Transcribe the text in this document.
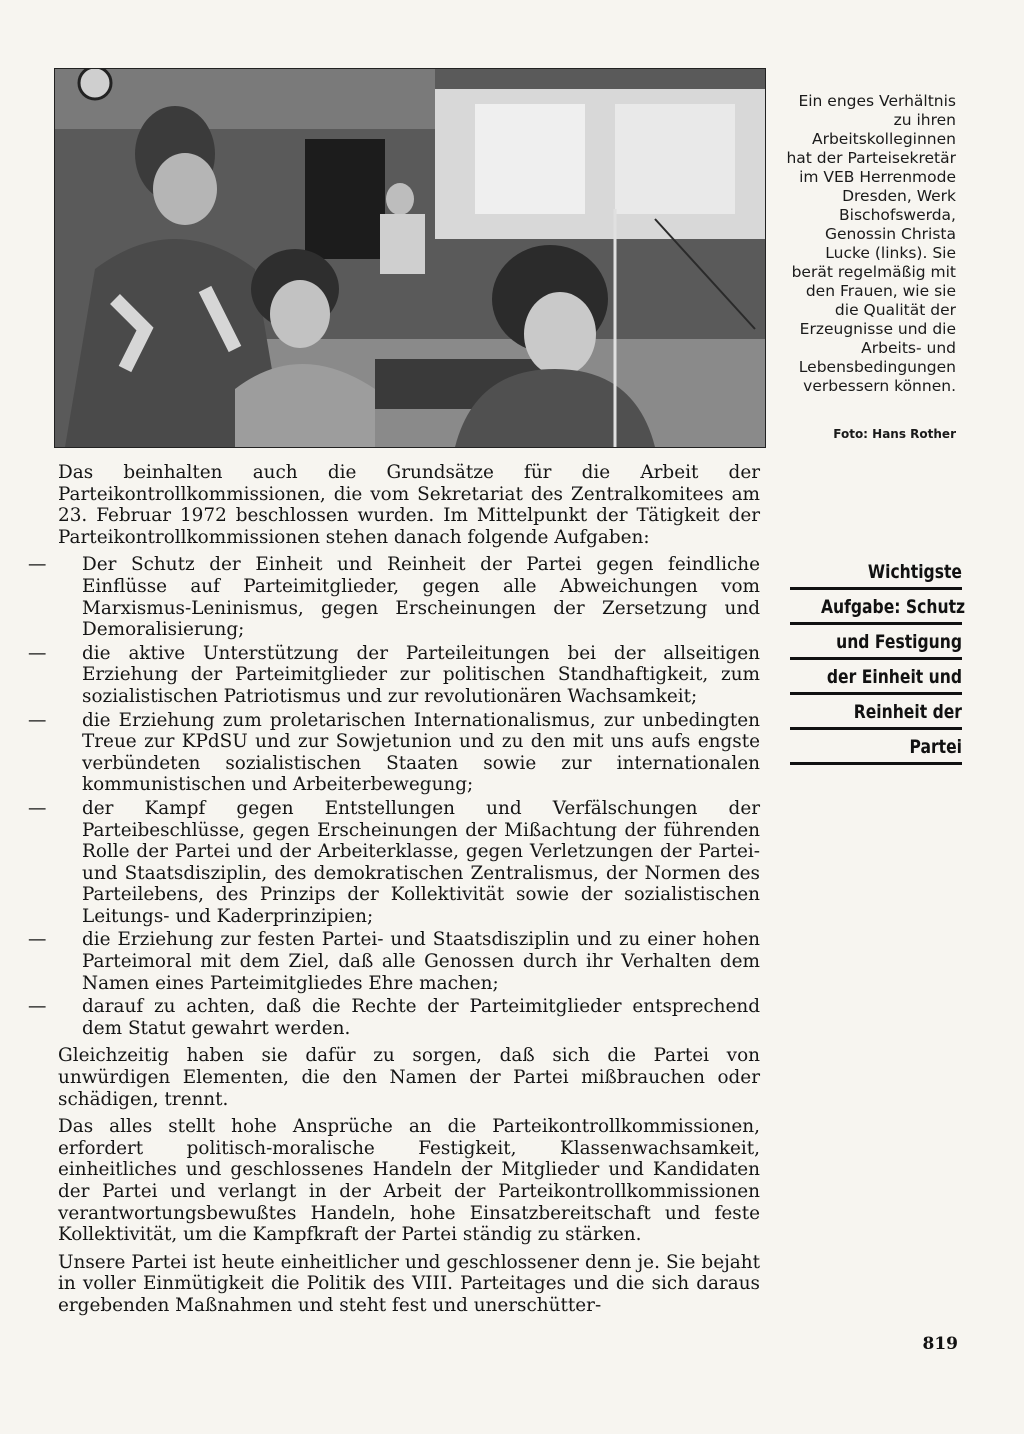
Ein enges Verhältnis zu ihren Arbeitskolleginnen hat der Parteisekretär im VEB Herrenmode Dresden, Werk Bischofswerda, Genossin Christa Lucke (links). Sie berät regelmäßig mit den Frauen, wie sie die Qualität der Erzeugnisse und die Arbeits- und Lebensbedingungen verbessern können.
Foto: Hans Rother

Das beinhalten auch die Grundsätze für die Arbeit der Parteikontrollkommissionen, die vom Sekretariat des Zentralkomitees am 23. Februar 1972 beschlossen wurden. Im Mittelpunkt der Tätigkeit der Parteikontrollkommissionen stehen danach folgende Aufgaben:

—	Der Schutz der Einheit und Reinheit der Partei gegen feindliche Einflüsse auf Parteimitglieder, gegen alle Abweichungen vom Marxismus-Leninismus, gegen Erscheinungen der Zersetzung und Demoralisierung;
—	die aktive Unterstützung der Parteileitungen bei der allseitigen Erziehung der Parteimitglieder zur politischen Standhaftigkeit, zum sozialistischen Patriotismus und zur revolutionären Wachsamkeit;
—	die Erziehung zum proletarischen Internationalismus, zur unbedingten Treue zur KPdSU und zur Sowjetunion und zu den mit uns aufs engste verbündeten sozialistischen Staaten sowie zur internationalen kommunistischen und Arbeiterbewegung;
—	der Kampf gegen Entstellungen und Verfälschungen der Parteibeschlüsse, gegen Erscheinungen der Mißachtung der führenden Rolle der Partei und der Arbeiterklasse, gegen Verletzungen der Partei- und Staatsdisziplin, des demokratischen Zentralismus, der Normen des Parteilebens, des Prinzips der Kollektivität sowie der sozialistischen Leitungs- und Kaderprinzipien;
—	die Erziehung zur festen Partei- und Staatsdisziplin und zu einer hohen Parteimoral mit dem Ziel, daß alle Genossen durch ihr Verhalten dem Namen eines Parteimitgliedes Ehre machen;
—	darauf zu achten, daß die Rechte der Parteimitglieder entsprechend dem Statut gewahrt werden.

Gleichzeitig haben sie dafür zu sorgen, daß sich die Partei von unwürdigen Elementen, die den Namen der Partei mißbrauchen oder schädigen, trennt.

Das alles stellt hohe Ansprüche an die Parteikontrollkommissionen, erfordert politisch-moralische Festigkeit, Klassenwachsamkeit, einheitliches und geschlossenes Handeln der Mitglieder und Kandidaten der Partei und verlangt in der Arbeit der Parteikontrollkommissionen verantwortungsbewußtes Handeln, hohe Einsatzbereitschaft und feste Kollektivität, um die Kampfkraft der Partei ständig zu stärken.

Unsere Partei ist heute einheitlicher und geschlossener denn je. Sie bejaht in voller Einmütigkeit die Politik des VIII. Parteitages und die sich daraus ergebenden Maßnahmen und steht fest und unerschütter-

Wichtigste
Aufgabe: Schutz
und Festigung
der Einheit und
Reinheit der
Partei
819
